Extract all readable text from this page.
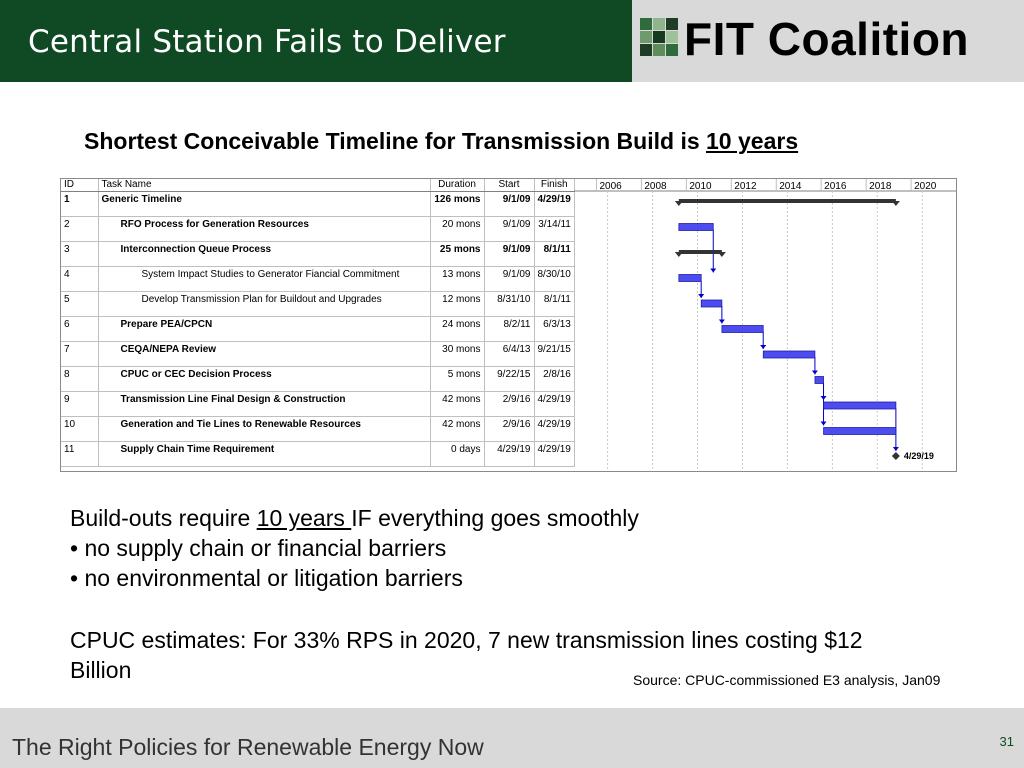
Central Station Fails to Deliver	FIT Coalition
Shortest Conceivable Timeline for Transmission Build is 10 years
ID	Task Name	Duration	Start	Finish
1	Generic Timeline	126 mons	9/1/09	4/29/19
2	RFO Process for Generation Resources	20 mons	9/1/09	3/14/11
3	Interconnection Queue Process	25 mons	9/1/09	8/1/11
4	System Impact Studies to Generator Fiancial Commitment	13 mons	9/1/09	8/30/10
5	Develop Transmission Plan for Buildout and Upgrades	12 mons	8/31/10	8/1/11
6	Prepare PEA/CPCN	24 mons	8/2/11	6/3/13
7	CEQA/NEPA Review	30 mons	6/4/13	9/21/15
8	CPUC or CEC Decision Process	5 mons	9/22/15	2/8/16
9	Transmission Line Final Design & Construction	42 mons	2/9/16	4/29/19
10	Generation and Tie Lines to Renewable Resources	42 mons	2/9/16	4/29/19
11	Supply Chain Time Requirement	0 days	4/29/19	4/29/19
2006 2008 2010 2012 2014 2016 2018 2020
4/29/19
Build-outs require 10 years IF everything goes smoothly
• no supply chain or financial barriers
• no environmental or litigation barriers
CPUC estimates: For 33% RPS in 2020, 7 new transmission lines costing $12 Billion	Source: CPUC-commissioned E3 analysis, Jan09
The Right Policies for Renewable Energy Now	31
